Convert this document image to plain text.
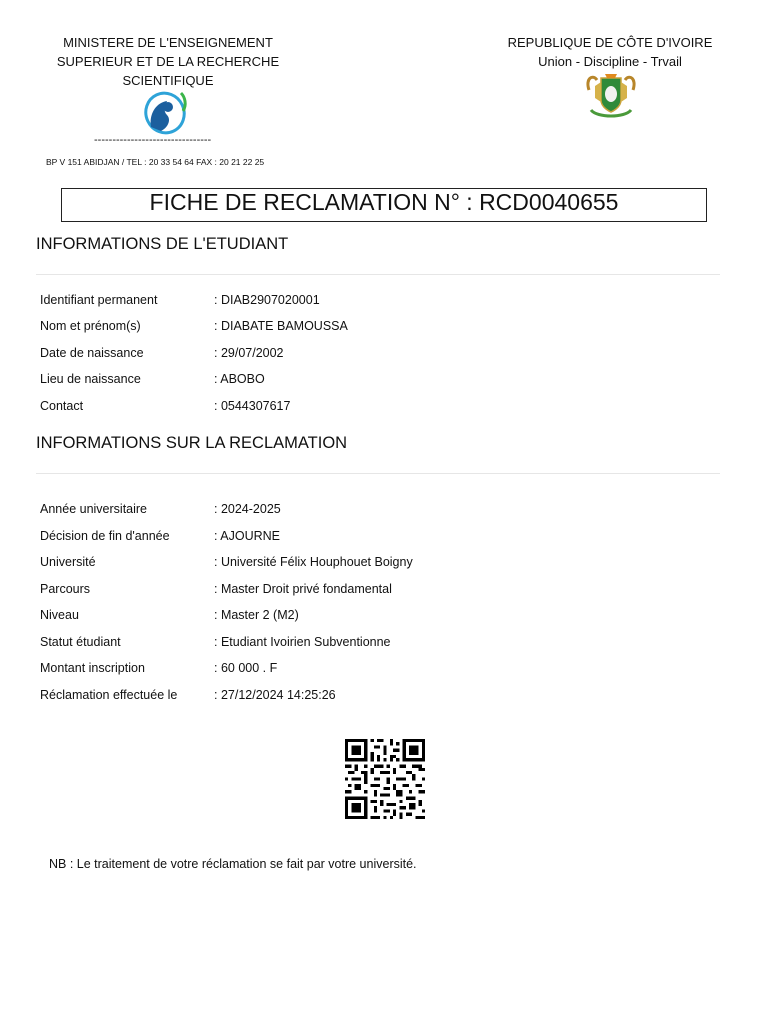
MINISTERE DE L'ENSEIGNEMENT
SUPERIEUR ET DE LA RECHERCHE
SCIENTIFIQUE
--------------------------------
BP V 151 ABIDJAN / TEL : 20 33 54 64 FAX : 20 21 22 25
REPUBLIQUE DE CÔTE D'IVOIRE
Union - Discipline - Trvail
FICHE DE RECLAMATION N° : RCD0040655
INFORMATIONS DE L'ETUDIANT
Identifiant permanent	: DIAB2907020001
Nom et prénom(s)	: DIABATE BAMOUSSA
Date de naissance	: 29/07/2002
Lieu de naissance	: ABOBO
Contact	: 0544307617
INFORMATIONS SUR LA RECLAMATION
Année universitaire	: 2024-2025
Décision de fin d'année	: AJOURNE
Université	: Université Félix Houphouet Boigny
Parcours	: Master Droit privé fondamental
Niveau	: Master 2 (M2)
Statut étudiant	: Etudiant Ivoirien Subventionne
Montant inscription	: 60 000 . F
Réclamation effectuée le	: 27/12/2024 14:25:26
NB : Le traitement de votre réclamation se fait par votre université.
